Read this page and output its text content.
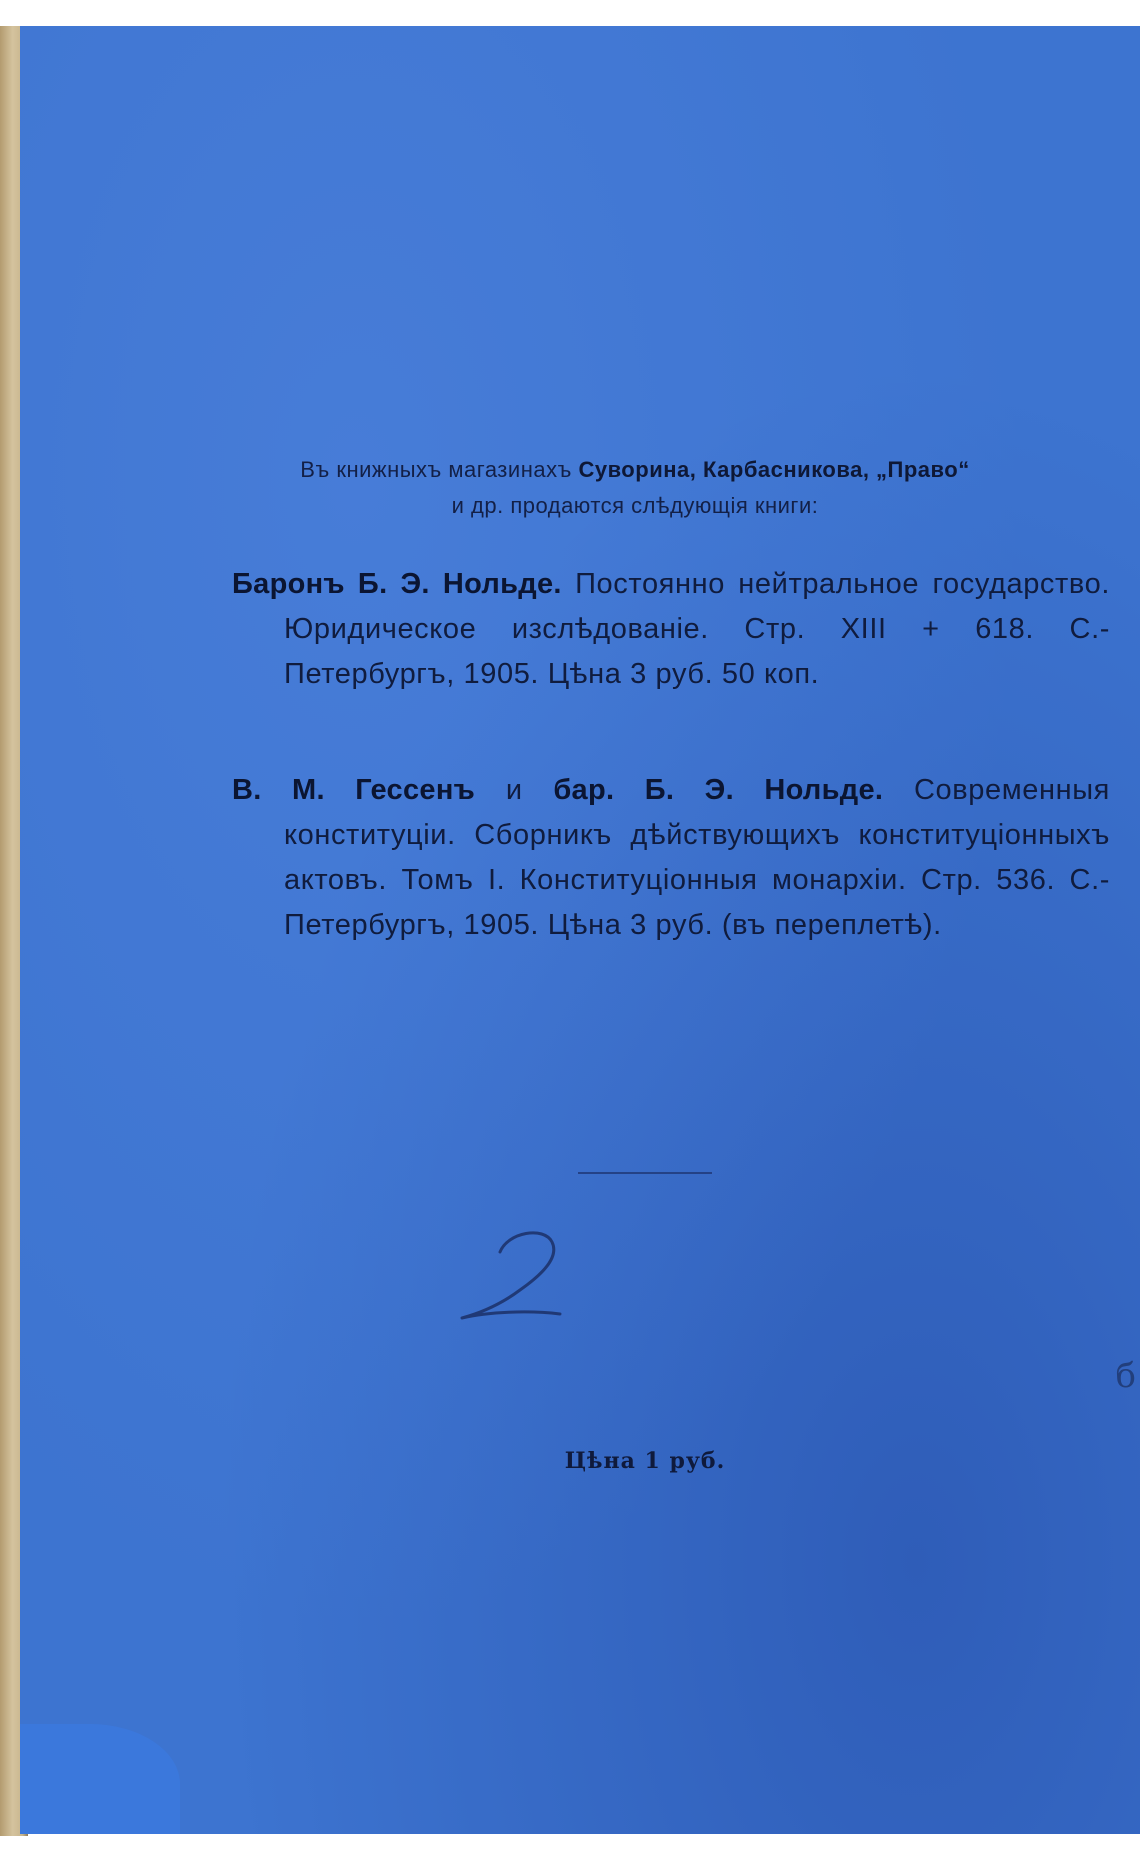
б
Въ книжныхъ магазинахъ Суворина, Карбасникова, „Право“
и др. продаются слѣдующія книги:
Баронъ Б. Э. Нольде. Постоянно нейтральное государство. Юридическое изслѣдованіе. Стр. XIII + 618. С.-Петербургъ, 1905. Цѣна 3 руб. 50 коп.
В. М. Гессенъ и бар. Б. Э. Нольде. Современныя конституціи. Сборникъ дѣйствующихъ конституціонныхъ актовъ. Томъ I. Конституціонныя монархіи. Стр. 536. С.-Петербургъ, 1905. Цѣна 3 руб. (въ переплетѣ).
Цѣна 1 руб.
